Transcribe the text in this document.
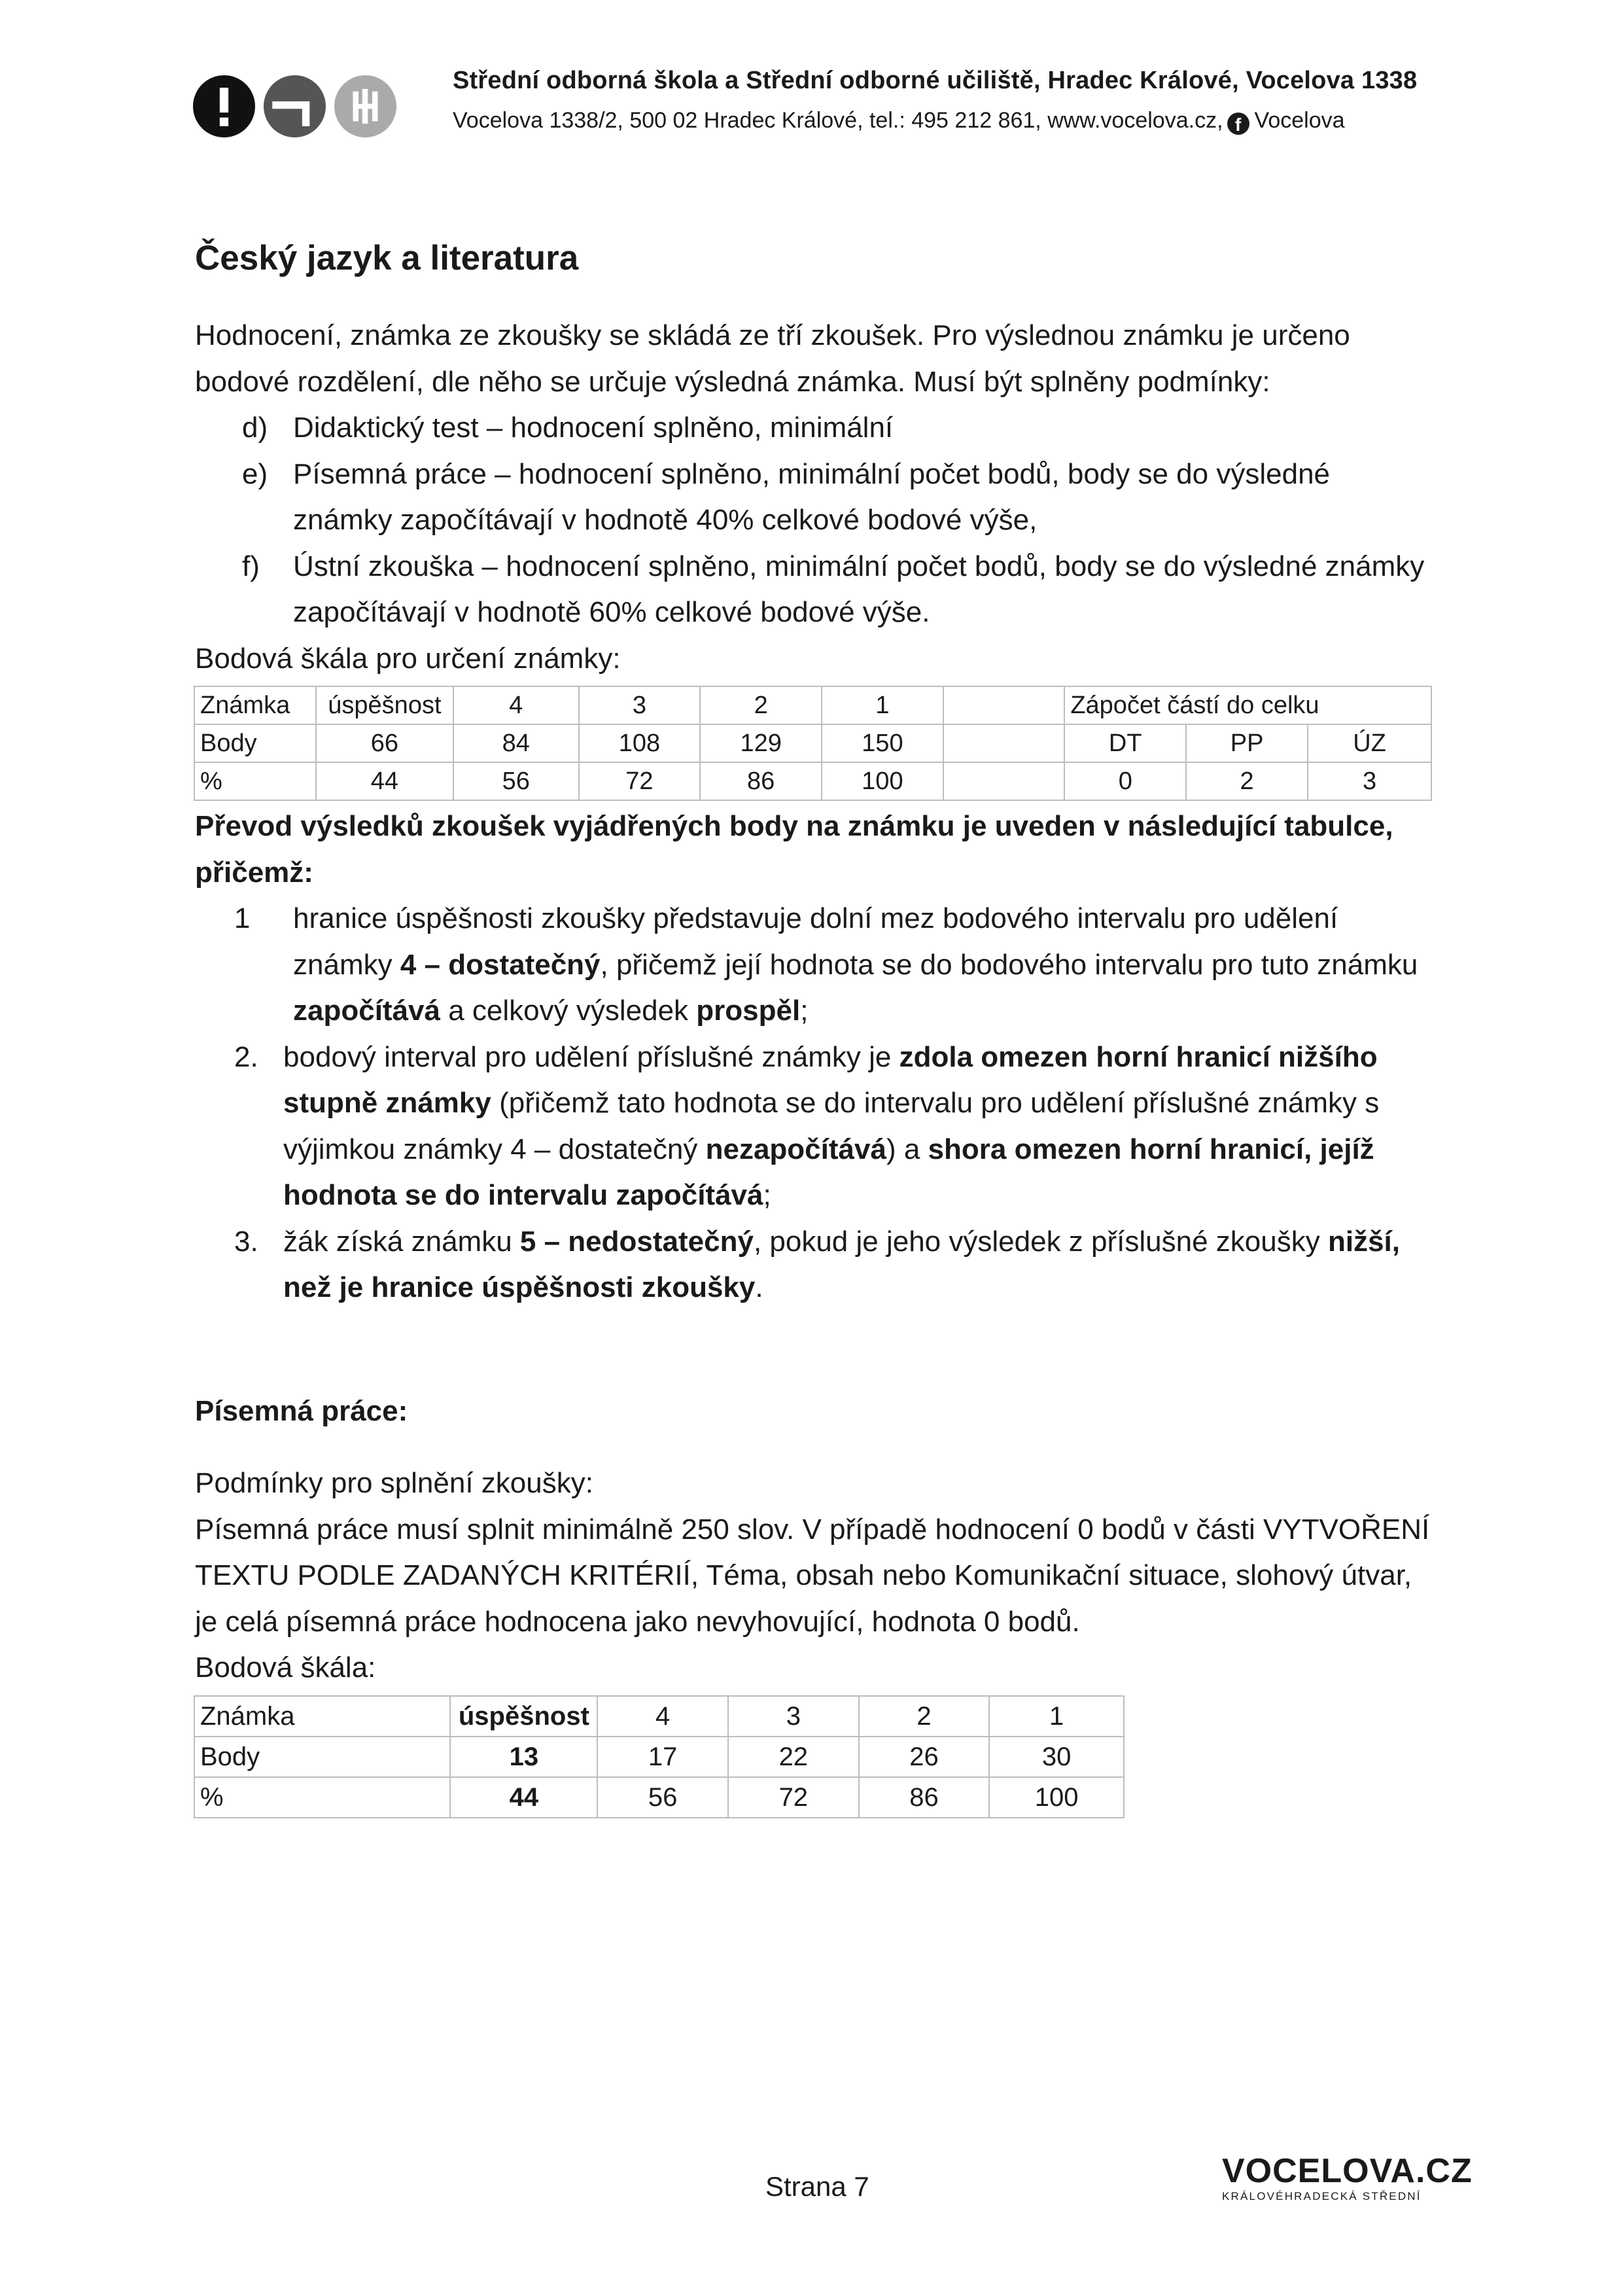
Střední odborná škola a Střední odborné učiliště, Hradec Králové, Vocelova 1338
Vocelova 1338/2, 500 02 Hradec Králové, tel.: 495 212 861, www.vocelova.cz, f Vocelova
Český jazyk a literatura

Hodnocení, známka ze zkoušky se skládá ze tří zkoušek. Pro výslednou známku je určeno bodové rozdělení, dle něho se určuje výsledná známka. Musí být splněny podmínky:

d) Didaktický test – hodnocení splněno, minimální
e) Písemná práce – hodnocení splněno, minimální počet bodů, body se do výsledné známky započítávají v hodnotě 40% celkové bodové výše,
f) Ústní zkouška – hodnocení splněno, minimální počet bodů, body se do výsledné známky započítávají v hodnotě 60% celkové bodové výše.

Bodová škála pro určení známky:

Známka	úspěšnost	4	3	2	1		Zápočet částí do celku		
Body	66	84	108	129	150		DT	PP	ÚZ
%	44	56	72	86	100		0	2	3

Převod výsledků zkoušek vyjádřených body na známku je uveden v následující tabulce, přičemž:

1 hranice úspěšnosti zkoušky představuje dolní mez bodového intervalu pro udělení známky 4 – dostatečný, přičemž její hodnota se do bodového intervalu pro tuto známku započítává a celkový výsledek prospěl;
2. bodový interval pro udělení příslušné známky je zdola omezen horní hranicí nižšího stupně známky (přičemž tato hodnota se do intervalu pro udělení příslušné známky s výjimkou známky 4 – dostatečný nezapočítává) a shora omezen horní hranicí, jejíž hodnota se do intervalu započítává;
3. žák získá známku 5 – nedostatečný, pokud je jeho výsledek z příslušné zkoušky nižší, než je hranice úspěšnosti zkoušky.

Písemná práce:

Podmínky pro splnění zkoušky:

Písemná práce musí splnit minimálně 250 slov. V případě hodnocení 0 bodů v části VYTVOŘENÍ TEXTU PODLE ZADANÝCH KRITÉRIÍ, Téma, obsah nebo Komunikační situace, slohový útvar, je celá písemná práce hodnocena jako nevyhovující, hodnota 0 bodů.

Bodová škála:

Známka	úspěšnost	4	3	2	1
Body	13	17	22	26	30
%	44	56	72	86	100
Strana 7	VOCELOVA.CZ
KRÁLOVÉHRADECKÁ STŘEDNÍ
